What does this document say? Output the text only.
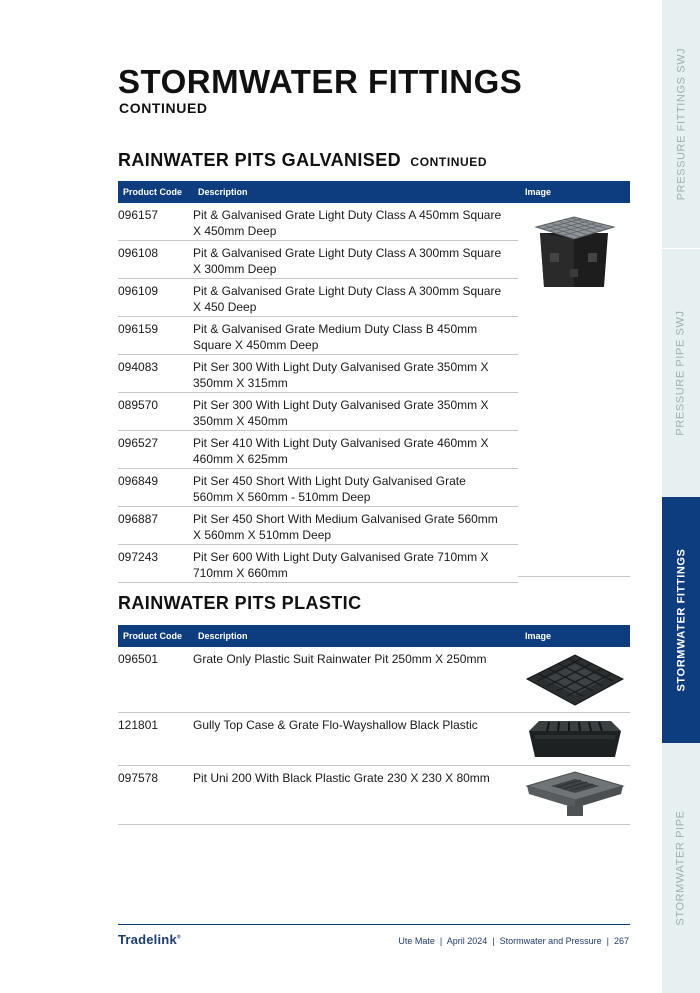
STORMWATER FITTINGS
CONTINUED
RAINWATER PITS GALVANISED CONTINUED
Product Code Description	Image
096157	Pit & Galvanised Grate Light Duty Class A 450mm Square X 450mm Deep
096108	Pit & Galvanised Grate Light Duty Class A 300mm Square X 300mm Deep
096109	Pit & Galvanised Grate Light Duty Class A 300mm Square X 450 Deep
096159	Pit & Galvanised Grate Medium Duty Class B 450mm Square X 450mm Deep
094083	Pit Ser 300 With Light Duty Galvanised Grate 350mm X 350mm X 315mm
089570	Pit Ser 300 With Light Duty Galvanised Grate 350mm X 350mm X 450mm
096527	Pit Ser 410 With Light Duty Galvanised Grate 460mm X 460mm X 625mm
096849	Pit Ser 450 Short With Light Duty Galvanised Grate 560mm X 560mm - 510mm Deep
096887	Pit Ser 450 Short With Medium Galvanised Grate 560mm X 560mm X 510mm Deep
097243	Pit Ser 600 With Light Duty Galvanised Grate 710mm X 710mm X 660mm
RAINWATER PITS PLASTIC
Product Code Description	Image
096501	Grate Only Plastic Suit Rainwater Pit 250mm X 250mm
121801	Gully Top Case & Grate Flo-Wayshallow Black Plastic
097578	Pit Uni 200 With Black Plastic Grate 230 X 230 X 80mm
Tradelink®	Ute Mate  |  April 2024  |  Stormwater and Pressure  |  267
PRESSURE FITTINGS SWJ
PRESSURE PIPE SWJ
STORMWATER FITTINGS
STORMWATER PIPE
